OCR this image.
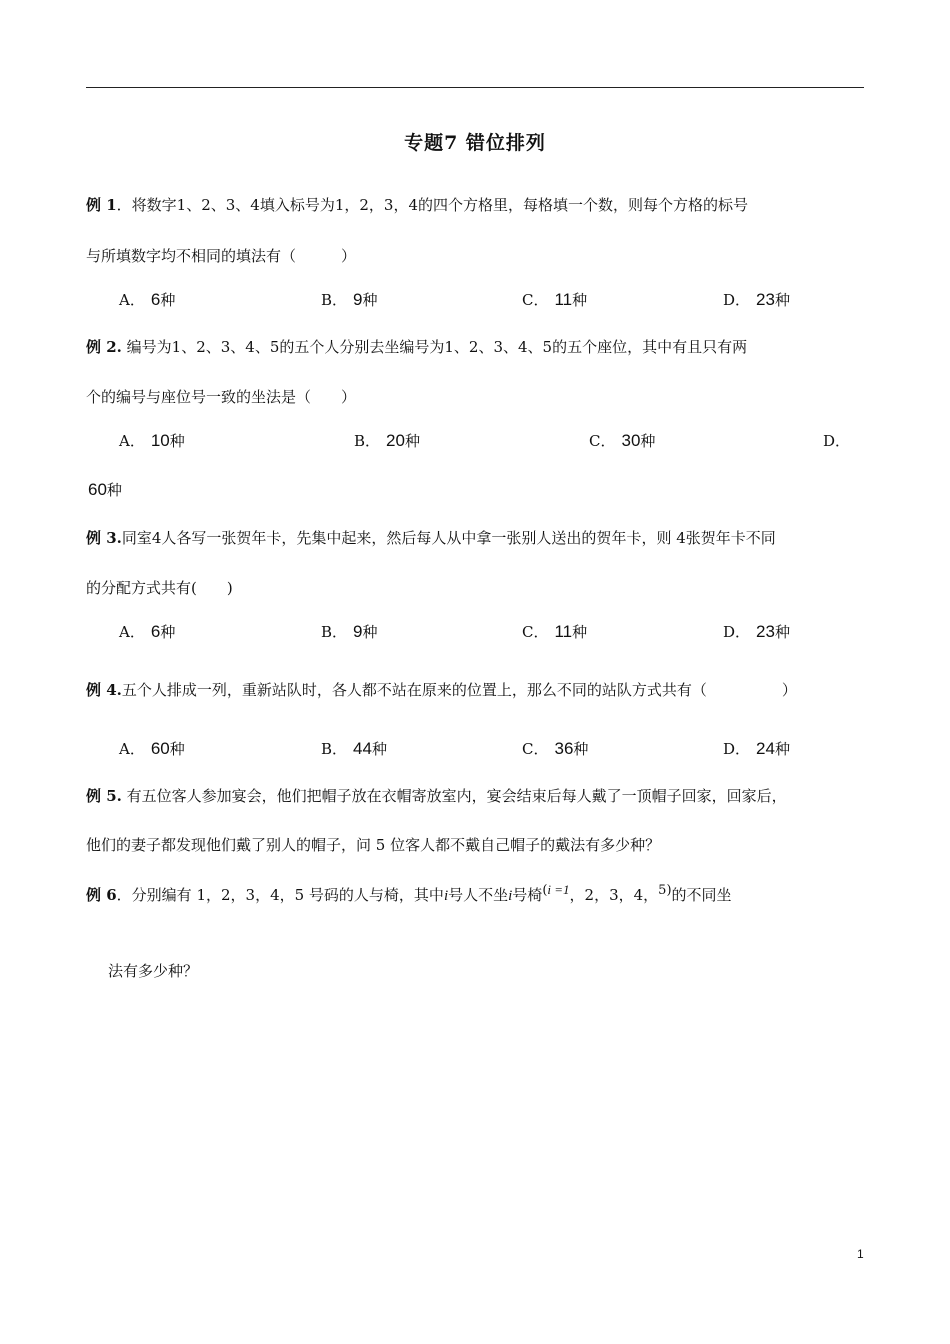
专题7 错位排列
例 1．将数字1、2、3、4填入标号为1，2，3，4的四个方格里，每格填一个数，则每个方格的标号
与所填数字均不相同的填法有（　　　）
A． 6种	B． 9种	C． 11种	D． 23种
例 2. 编号为1、2、3、4、5的五个人分别去坐编号为1、2、3、4、5的五个座位，其中有且只有两
个的编号与座位号一致的坐法是（　　）
A． 10种	B． 20种	C． 30种	D．
60种
例 3.同室4人各写一张贺年卡，先集中起来，然后每人从中拿一张别人送出的贺年卡，则 4张贺年卡不同
的分配方式共有(　　)
A． 6种	B． 9种	C． 11种	D． 23种
例 4.五个人排成一列，重新站队时，各人都不站在原来的位置上，那么不同的站队方式共有（　　　　　）
A． 60种	B． 44种	C． 36种	D． 24种
例 5. 有五位客人参加宴会，他们把帽子放在衣帽寄放室内，宴会结束后每人戴了一顶帽子回家，回家后，
他们的妻子都发现他们戴了别人的帽子，问 5 位客人都不戴自己帽子的戴法有多少种？
例 6．分别编有 1，2，3，4，5 号码的人与椅，其中i号人不坐i号椅(i =1，2，3，4，5)的不同坐
法有多少种？
1
